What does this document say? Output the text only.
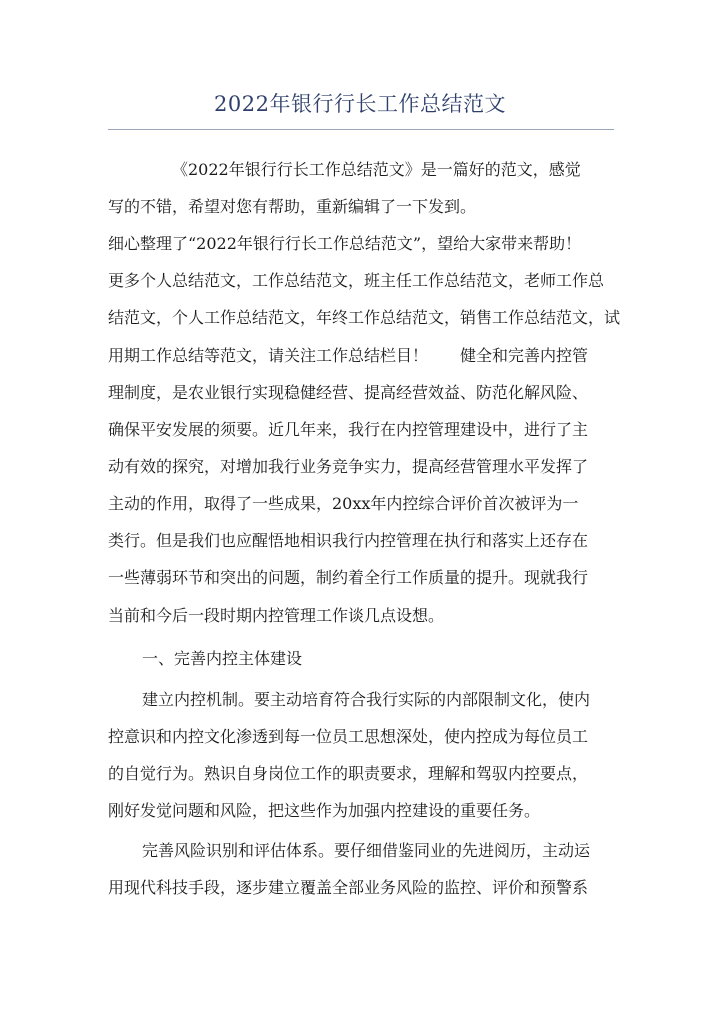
2022年银行行长工作总结范文
《2022年银行行长工作总结范文》是一篇好的范文，感觉
写的不错，希望对您有帮助，重新编辑了一下发到。
细心整理了“2022年银行行长工作总结范文”，望给大家带来帮助！
更多个人总结范文，工作总结范文，班主任工作总结范文，老师工作总
结范文，个人工作总结范文，年终工作总结范文，销售工作总结范文，试
用期工作总结等范文，请关注工作总结栏目！　　健全和完善内控管
理制度，是农业银行实现稳健经营、提高经营效益、防范化解风险、
确保平安发展的须要。近几年来，我行在内控管理建设中，进行了主
动有效的探究，对增加我行业务竞争实力，提高经营管理水平发挥了
主动的作用，取得了一些成果，20xx年内控综合评价首次被评为一
类行。但是我们也应醒悟地相识我行内控管理在执行和落实上还存在
一些薄弱环节和突出的问题，制约着全行工作质量的提升。现就我行
当前和今后一段时期内控管理工作谈几点设想。
一、完善内控主体建设
建立内控机制。要主动培育符合我行实际的内部限制文化，使内
控意识和内控文化渗透到每一位员工思想深处，使内控成为每位员工
的自觉行为。熟识自身岗位工作的职责要求，理解和驾驭内控要点，
刚好发觉问题和风险，把这些作为加强内控建设的重要任务。
完善风险识别和评估体系。要仔细借鉴同业的先进阅历，主动运
用现代科技手段，逐步建立覆盖全部业务风险的监控、评价和预警系
